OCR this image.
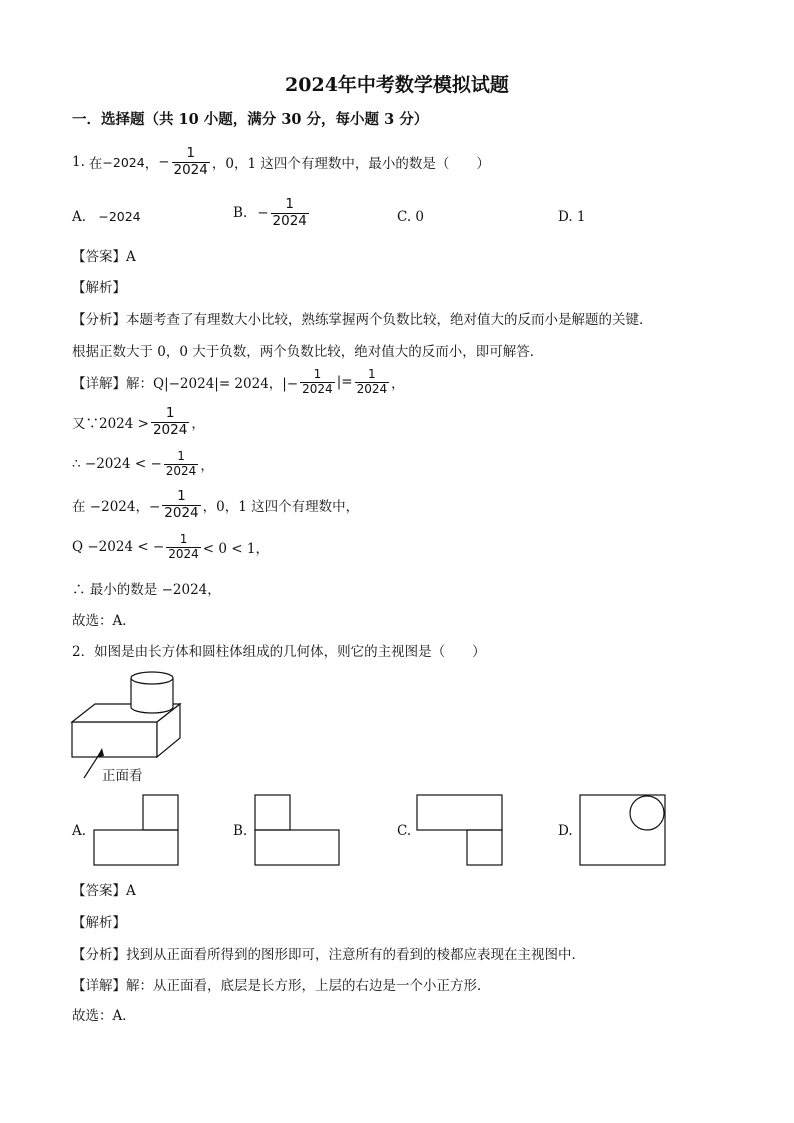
2024年中考数学模拟试题
一．选择题（共 10 小题，满分 30 分，每小题 3 分）
1. 在 −2024 ， − $\frac{1}{2024}$ ，0，1 这四个有理数中，最小的数是（　　）
A. −2024	B. − $\frac{1}{2024}$	C. 0	D. 1
【答案】A
【解析】
【分析】本题考查了有理数大小比较，熟练掌握两个负数比较，绝对值大的反而小是解题的关键．
根据正数大于 0，0 大于负数，两个负数比较，绝对值大的反而小，即可解答．
【详解】解：Q|−2024|= 2024，|− $\frac{1}{2024}$ |= $\frac{1}{2024}$ ，
又∵2024 > $\frac{1}{2024}$ ，
∴ −2024 < − $\frac{1}{2024}$ ，
在 −2024，− $\frac{1}{2024}$ ，0，1 这四个有理数中，
Q −2024 < − $\frac{1}{2024} < 0 < 1$，
∴ 最小的数是 −2024，
故选：A．
2．如图是由长方体和圆柱体组成的几何体，则它的主视图是（　　）
正面看
A.	B.	C.	D.
【答案】A
【解析】
【分析】找到从正面看所得到的图形即可，注意所有的看到的棱都应表现在主视图中．
【详解】解：从正面看，底层是长方形，上层的右边是一个小正方形．
故选：A．
